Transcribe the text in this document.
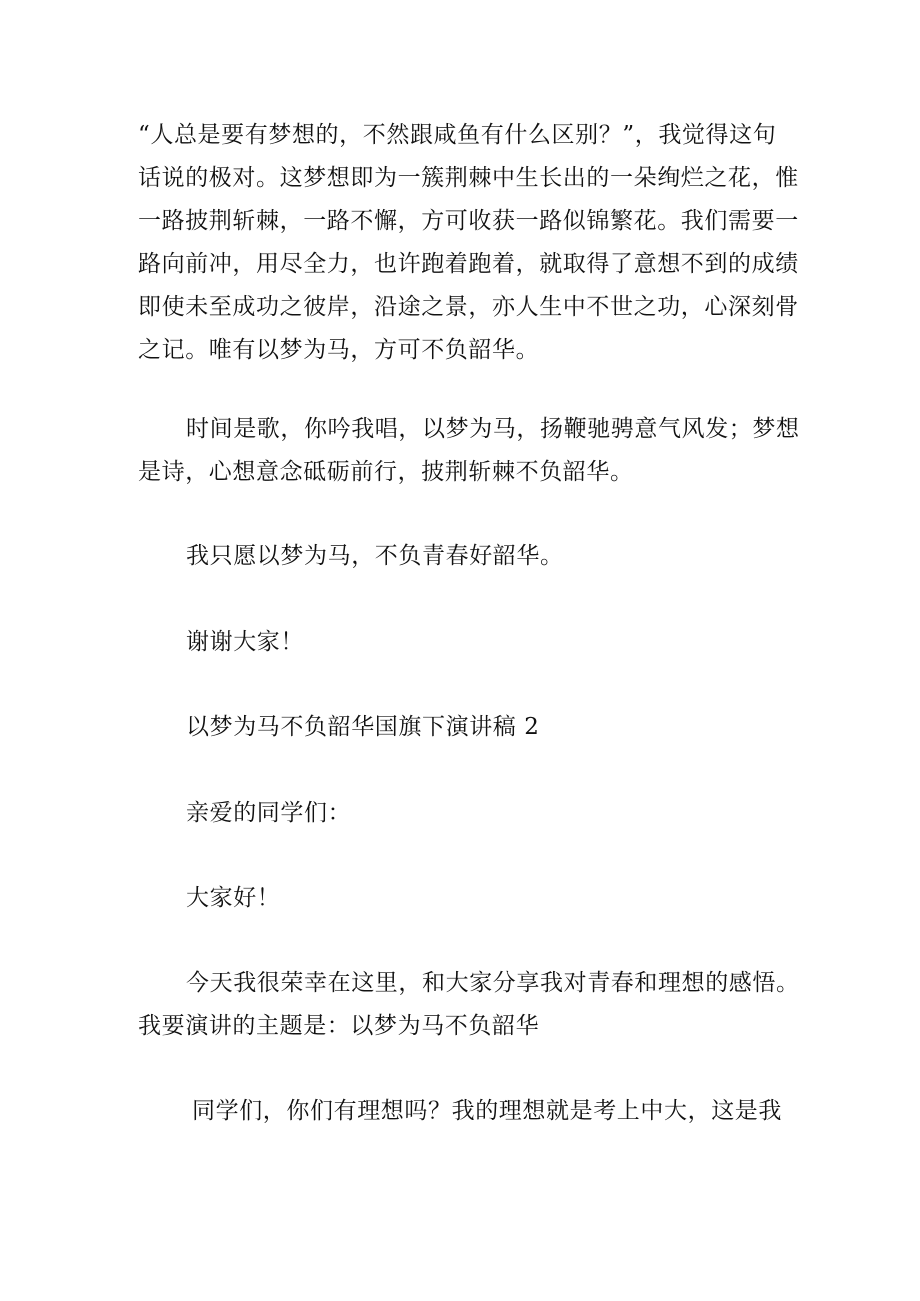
“人总是要有梦想的，不然跟咸鱼有什么区别？”，我觉得这句
话说的极对。这梦想即为一簇荆棘中生长出的一朵绚烂之花，惟
一路披荆斩棘，一路不懈，方可收获一路似锦繁花。我们需要一
路向前冲，用尽全力，也许跑着跑着，就取得了意想不到的成绩
即使未至成功之彼岸，沿途之景，亦人生中不世之功，心深刻骨
之记。唯有以梦为马，方可不负韶华。
时间是歌，你吟我唱，以梦为马，扬鞭驰骋意气风发；梦想
是诗，心想意念砥砺前行，披荆斩棘不负韶华。
我只愿以梦为马，不负青春好韶华。
谢谢大家！
以梦为马不负韶华国旗下演讲稿 2
亲爱的同学们：
大家好！
今天我很荣幸在这里，和大家分享我对青春和理想的感悟。
我要演讲的主题是：以梦为马不负韶华
同学们，你们有理想吗？我的理想就是考上中大，这是我
